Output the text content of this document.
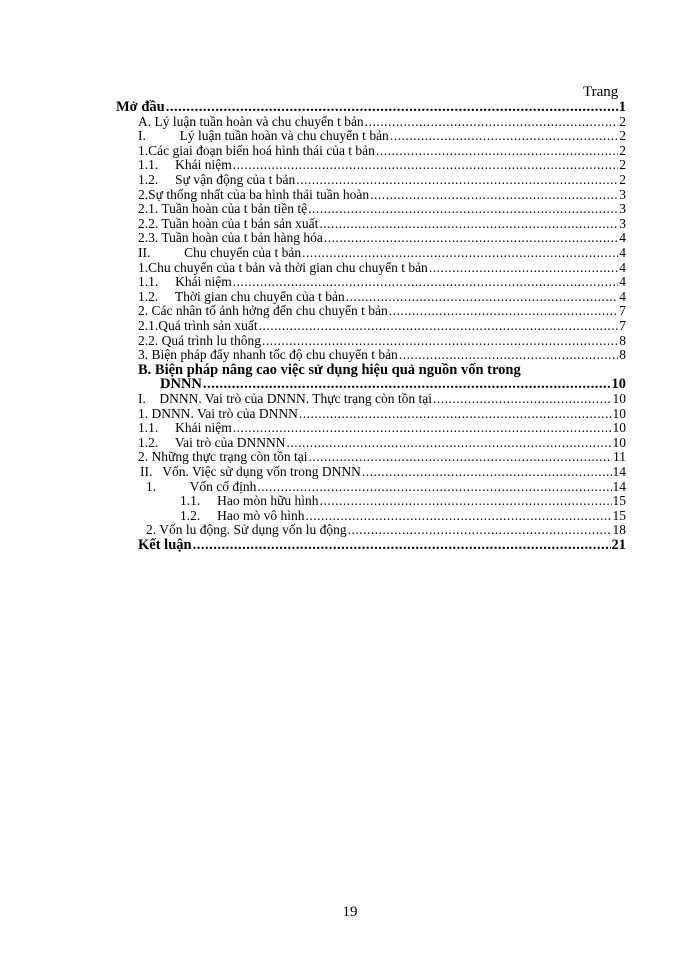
Trang
Mở đầu .....	1
A. Lý luận tuần hoàn và chu chuyển t bản .....	2
I.          Lý luận tuần hoàn và chu chuyển t bản .....	2
1.Các giai đoạn biến hoá hình thái của t bản .....	2
1.1.     Khái niệm .....	2
1.2.     Sự vận động của t bản .....	2
2.Sự thống nhất của ba hình thái tuần hoàn .....	3
2.1. Tuần hoàn của t bản tiền tệ .....	3
2.2. Tuần hoàn của t bản sản xuất .....	3
2.3. Tuần hoàn của t bản hàng hóa .....	4
II.          Chu chuyển của t bản .....	4
1.Chu chuyển của t bản và thời gian chu chuyển t bản .....	4
1.1.     Khái niệm .....	4
1.2.     Thời gian chu chuyển của t bản .....	4
2. Các nhân tố ảnh hởng đến chu chuyển t bản .....	7
2.1.Quá trình sản xuất .....	7
2.2. Quá trình lu thông .....	8
3. Biện pháp đẩy nhanh tốc độ chu chuyển t bản .....	8
B. Biện pháp nâng cao việc sử dụng hiệu quả nguồn vốn trong
DNNN .....	10
I.    DNNN. Vai trò của DNNN. Thực trạng còn tồn tại .....	10
1. DNNN. Vai trò của DNNN .....	10
1.1.     Khái niệm .....	10
1.2.     Vai trò của DNNNN .....	10
2. Những thực trạng còn tồn tại .....	11
II.   Vốn. Việc sử dụng vốn trong DNNN .....	14
1.          Vốn cố định .....	14
1.1.     Hao mòn hữu hình .....	15
1.2.     Hao mò vô hình .....	15
2. Vốn lu động. Sử dụng vốn lu động .....	18
Kết luận .....	21
19
